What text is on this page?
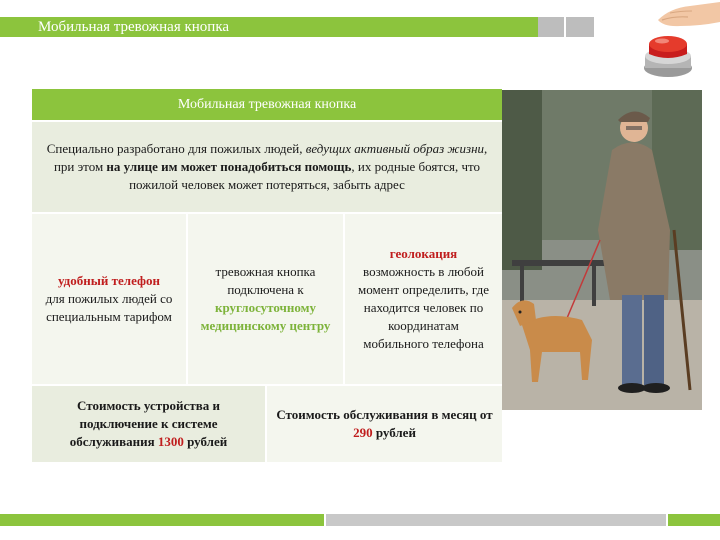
Мобильная тревожная кнопка
Мобильная тревожная кнопка
Специально разработано для пожилых людей, ведущих активный образ жизни, при этом на улице им может понадобиться помощь, их родные боятся, что пожилой человек может потеряться, забыть адрес
удобный телефон
для пожилых людей со специальным тарифом
тревожная кнопка подключена к
круглосуточному медицинскому центру
геолокация
возможность в любой момент определить, где находится человек по координатам мобильного телефона
Стоимость устройства и подключение к системе обслуживания 1300 рублей
Стоимость обслуживания в месяц от 290 рублей
